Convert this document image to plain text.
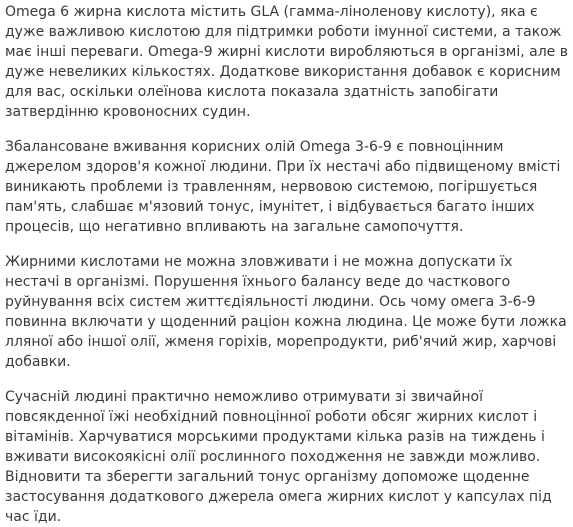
Omega 6 жирна кислота містить GLA (гамма-ліноленову кислоту), яка є дуже важливою кислотою для підтримки роботи імунної системи, а також має інші переваги. Omega-9 жирні кислоти виробляються в організмі, але в дуже невеликих кількостях. Додаткове використання добавок є корисним для вас, оскільки олеїнова кислота показала здатність запобігати затвердінню кровоносних судин.

Збалансоване вживання корисних олій Omega 3-6-9 є повноцінним джерелом здоров'я кожної людини. При їх нестачі або підвищеному вмісті виникають проблеми із травленням, нервовою системою, погіршується пам'ять, слабшає м'язовий тонус, імунітет, і відбувається багато інших процесів, що негативно впливають на загальне самопочуття.

Жирними кислотами не можна зловживати і не можна допускати їх нестачі в організмі. Порушення їхнього балансу веде до часткового руйнування всіх систем життєдіяльності людини. Ось чому омега 3-6-9 повинна включати у щоденний раціон кожна людина. Це може бути ложка лляної або іншої олії, жменя горіхів, морепродукти, риб'ячий жир, харчові добавки.

Сучасній людині практично неможливо отримувати зі звичайної повсякденної їжі необхідний повноцінної роботи обсяг жирних кислот і вітамінів. Харчуватися морськими продуктами кілька разів на тиждень і вживати високоякісні олії рослинного походження не завжди можливо. Відновити та зберегти загальний тонус організму допоможе щоденне застосування додаткового джерела омега жирних кислот у капсулах під час їди.
